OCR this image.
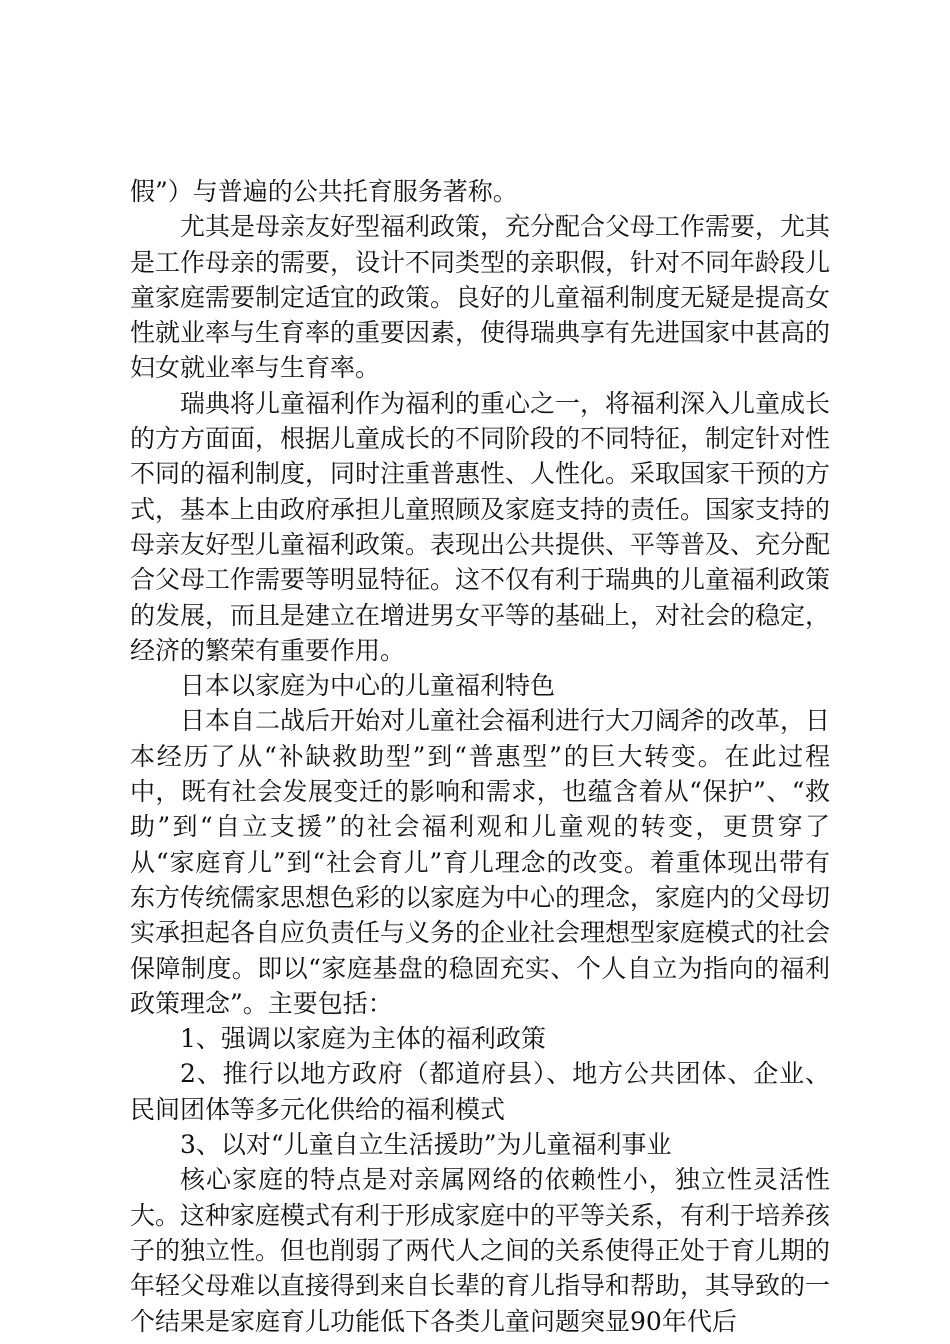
假”）与普遍的公共托育服务著称。

尤其是母亲友好型福利政策，充分配合父母工作需要，尤其是工作母亲的需要，设计不同类型的亲职假，针对不同年龄段儿童家庭需要制定适宜的政策。良好的儿童福利制度无疑是提高女性就业率与生育率的重要因素，使得瑞典享有先进国家中甚高的妇女就业率与生育率。

瑞典将儿童福利作为福利的重心之一，将福利深入儿童成长的方方面面，根据儿童成长的不同阶段的不同特征，制定针对性不同的福利制度，同时注重普惠性、人性化。采取国家干预的方式，基本上由政府承担儿童照顾及家庭支持的责任。国家支持的母亲友好型儿童福利政策。表现出公共提供、平等普及、充分配合父母工作需要等明显特征。这不仅有利于瑞典的儿童福利政策的发展，而且是建立在增进男女平等的基础上，对社会的稳定，经济的繁荣有重要作用。

日本以家庭为中心的儿童福利特色

日本自二战后开始对儿童社会福利进行大刀阔斧的改革，日本经历了从“补缺救助型”到“普惠型”的巨大转变。在此过程中，既有社会发展变迁的影响和需求，也蕴含着从“保护”、“救助”到“自立支援”的社会福利观和儿童观的转变，更贯穿了从“家庭育儿”到“社会育儿”育儿理念的改变。着重体现出带有东方传统儒家思想色彩的以家庭为中心的理念，家庭内的父母切实承担起各自应负责任与义务的企业社会理想型家庭模式的社会保障制度。即以“家庭基盘的稳固充实、个人自立为指向的福利政策理念”。主要包括：

1、强调以家庭为主体的福利政策

2、推行以地方政府（都道府县）、地方公共团体、企业、民间团体等多元化供给的福利模式

3、以对“儿童自立生活援助”为儿童福利事业

核心家庭的特点是对亲属网络的依赖性小，独立性灵活性大。这种家庭模式有利于形成家庭中的平等关系，有利于培养孩子的独立性。但也削弱了两代人之间的关系使得正处于育儿期的年轻父母难以直接得到来自长辈的育儿指导和帮助，其导致的一个结果是家庭育儿功能低下各类儿童问题突显90年代后
